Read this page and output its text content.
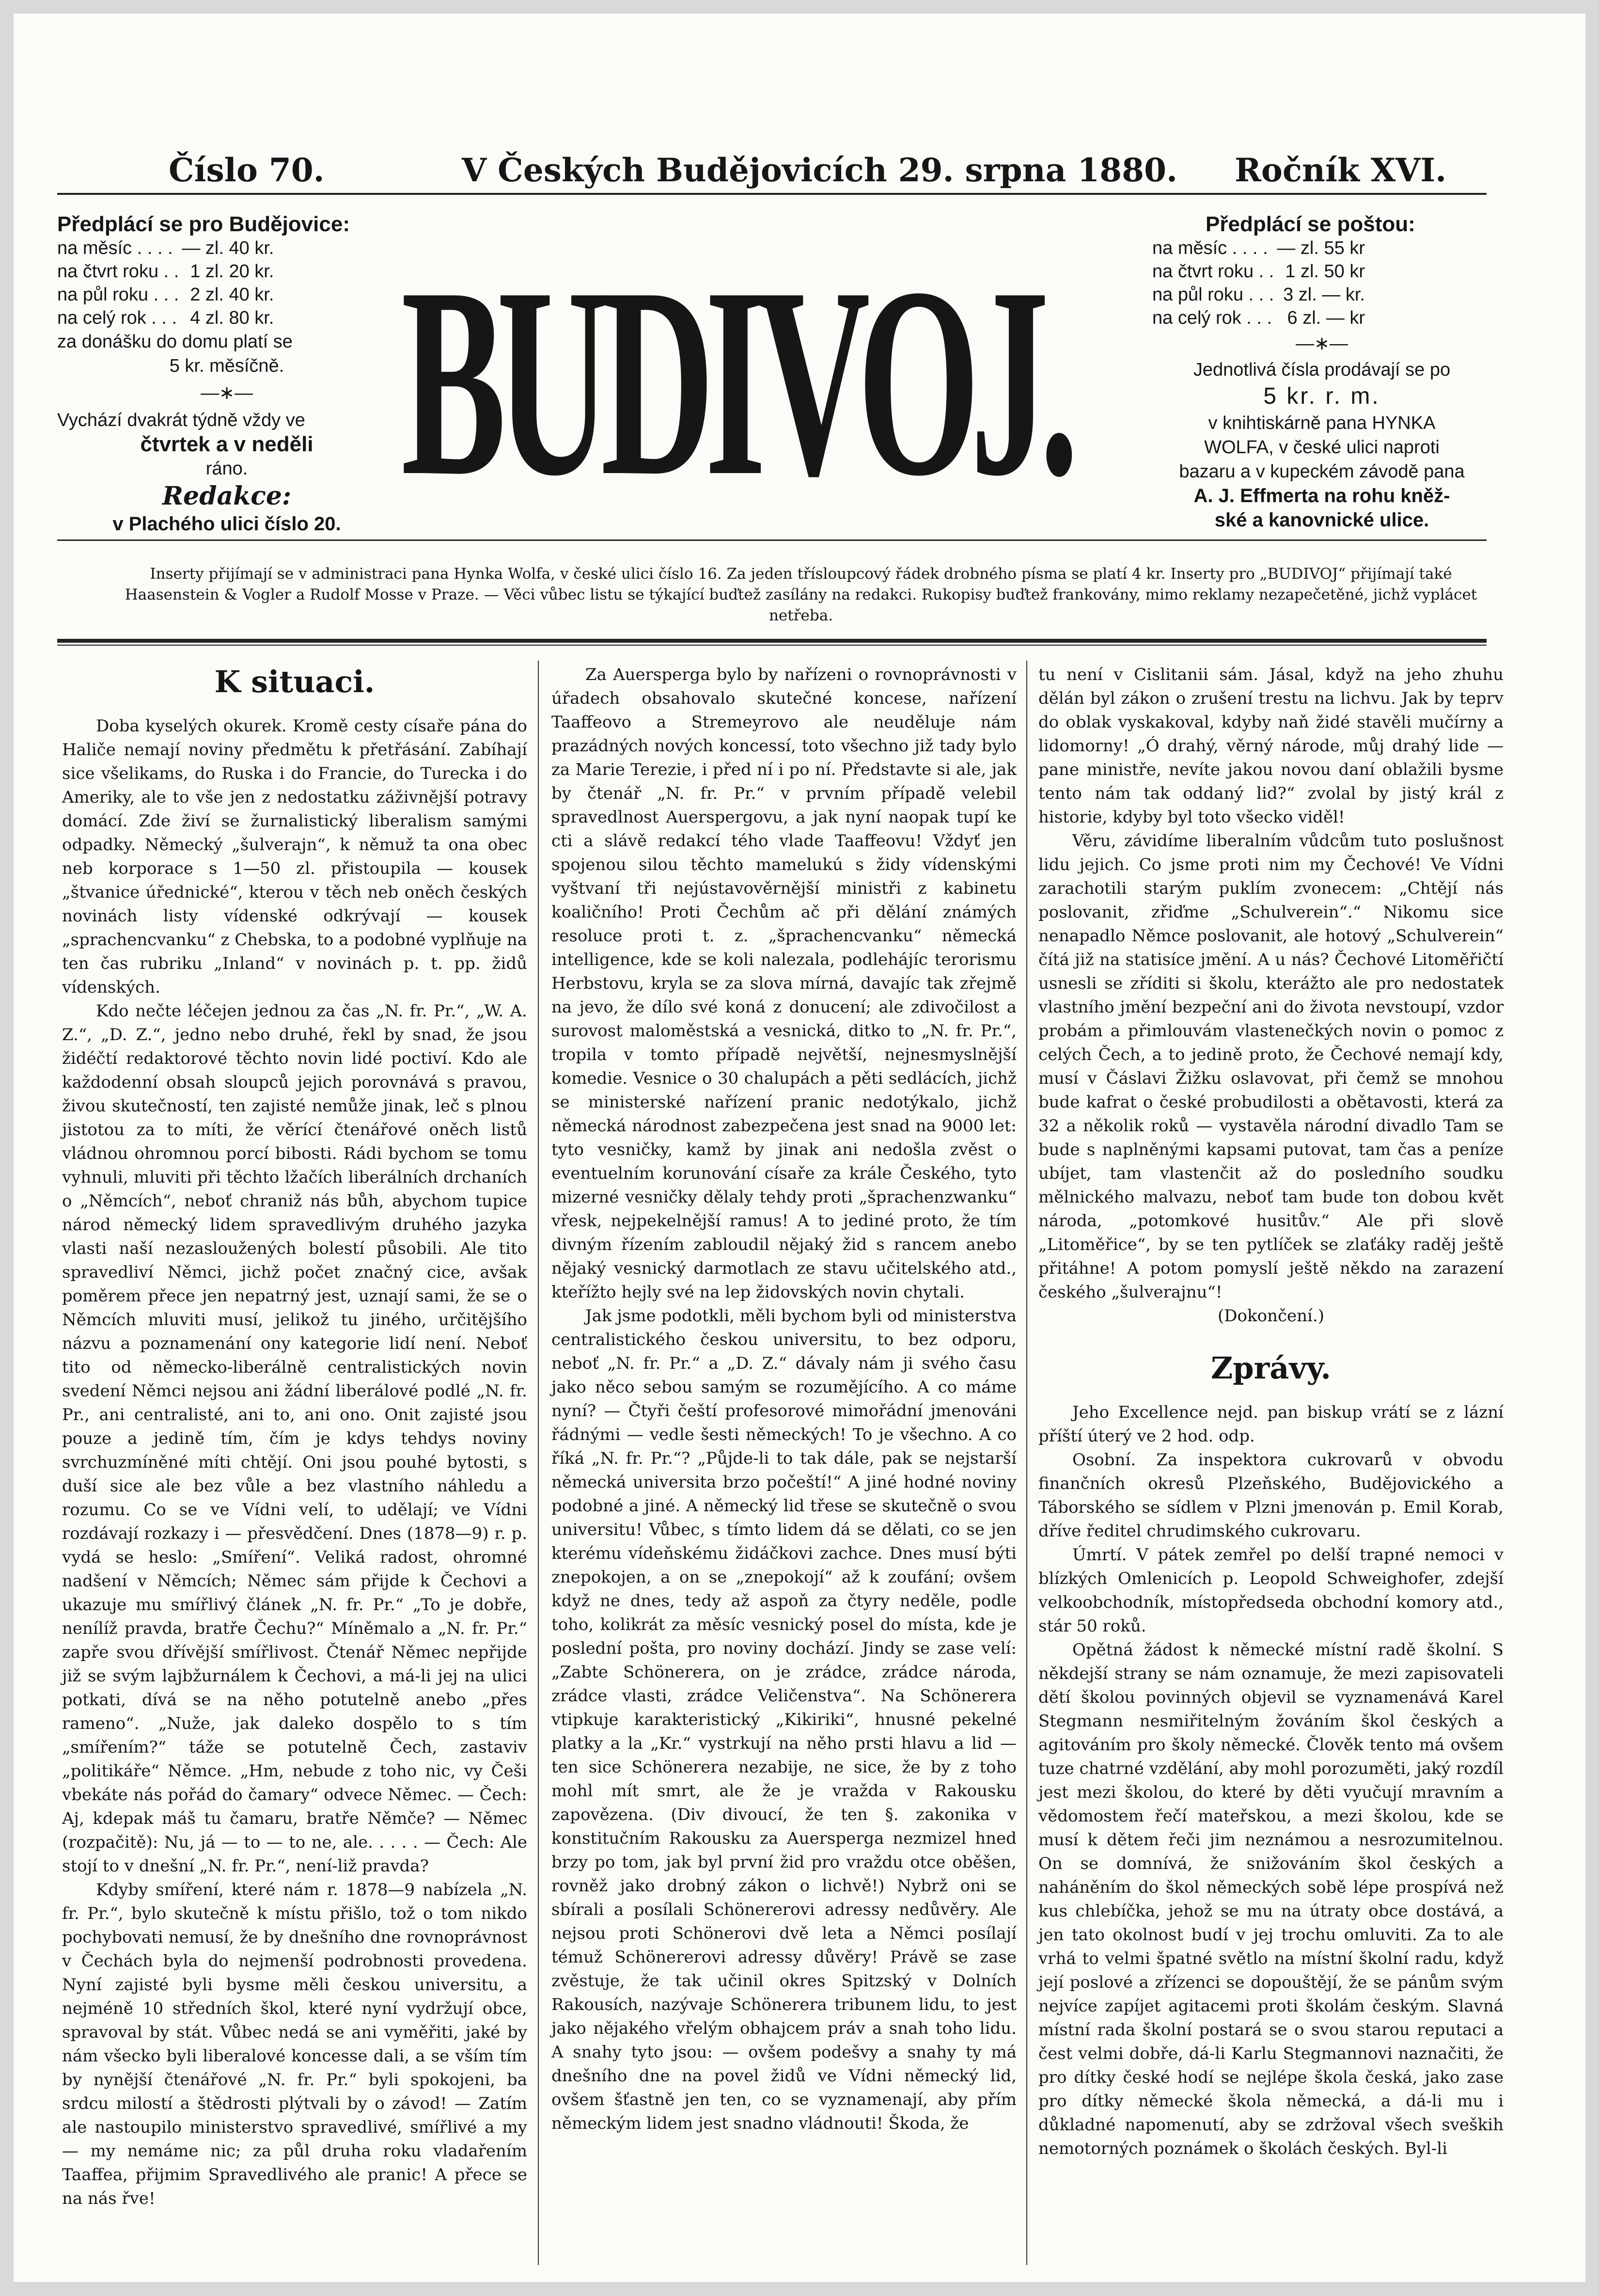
Číslo 70.	V Českých Budějovicích 29. srpna 1880. Ročník XVI.
Předplácí se pro Budějovice:
na měsíc . . . .	— zl. 40 kr.
na čtvrt roku . .	1 zl. 20 kr.
na půl roku . . .	2 zl. 40 kr.
na celý rok . . .	4 zl. 80 kr.
za donášku do domu platí se
5 kr. měsíčně.
—∗—
Vychází dvakrát týdně vždy ve
čtvrtek a v neděli
ráno.
Redakce:
v Plachého ulici číslo 20. BUDIVOJ.
Předplácí se poštou:
na měsíc . . . .	— zl. 55 kr
na čtvrt roku . .	1 zl. 50 kr
na půl roku . . .	3 zl. — kr.
na celý rok . . .	6 zl. — kr
—∗—
Jednotlivá čísla prodávají se po
5 kr. r. m.
v knihtiskárně pana HYNKA
WOLFA, v české ulici naproti
bazaru a v kupeckém závodě pana
A. J. Effmerta na rohu kněž-
ské a kanovnické ulice.
Inserty přijímají se v administraci pana Hynka Wolfa, v české ulici číslo 16. Za jeden třísloupcový řádek drobného písma se platí 4 kr. Inserty pro „BUDIVOJ“ přijímají také Haasenstein & Vogler a Rudolf Mosse v Praze. — Věci vůbec listu se týkající buďtež zasílány na redakci. Rukopisy buďtež frankovány, mimo reklamy nezapečetěné, jichž vyplácet netřeba.
K situaci.

Doba kyselých okurek. Kromě cesty císaře pána do Haliče nemají noviny předmětu k přetřásání. Zabíhají sice všelikams, do Ruska i do Francie, do Turecka i do Ameriky, ale to vše jen z nedostatku záživnější potravy domácí. Zde živí se žurnalistický liberalism samými odpadky. Německý „šulverajn“, k němuž ta ona obec neb korporace s 1—50 zl. přistoupila — kousek „štvanice úřednické“, kterou v těch neb oněch českých novinách listy vídenské odkrývají — kousek „sprachencvanku“ z Chebska, to a podobné vyplňuje na ten čas rubriku „Inland“ v novinách p. t. pp. židů vídenských.

Kdo nečte léčejen jednou za čas „N. fr. Pr.“, „W. A. Z.“, „D. Z.“, jedno nebo druhé, řekl by snad, že jsou židéčtí redaktorové těchto novin lidé poctiví. Kdo ale každodenní obsah sloupců jejich porovnává s pravou, živou skutečností, ten zajisté nemůže jinak, leč s plnou jistotou za to míti, že věrící čtenářové oněch listů vládnou ohromnou porcí bibosti. Rádi bychom se tomu vyhnuli, mluviti při těchto lžačích liberálních drchaních o „Němcích“, neboť chraniž nás bůh, abychom tupice národ německý lidem spravedlivým druhého jazyka vlasti naší nezasloužených bolestí působili. Ale tito spravedliví Němci, jichž počet značný cice, avšak poměrem přece jen nepatrný jest, uznají sami, že se o Němcích mluviti musí, jelikož tu jiného, určitějšího názvu a poznamenání ony kategorie lidí není. Neboť tito od německo-liberálně centralistických novin svedení Němci nejsou ani žádní liberálové podlé „N. fr. Pr., ani centralisté, ani to, ani ono. Onit zajisté jsou pouze a jedině tím, čím je kdys tehdys noviny svrchuzmíněné míti chtějí. Oni jsou pouhé bytosti, s duší sice ale bez vůle a bez vlastního náhledu a rozumu. Co se ve Vídni velí, to udělají; ve Vídni rozdávají rozkazy i — přesvědčení. Dnes (1878—9) r. p. vydá se heslo: „Smíření“. Veliká radost, ohromné nadšení v Němcích; Němec sám přijde k Čechovi a ukazuje mu smířlivý článek „N. fr. Pr.“ „To je dobře, nenílíž pravda, bratře Čechu?“ Míněmalo a „N. fr. Pr.“ zapře svou dřívější smířlivost. Čtenář Němec nepřijde již se svým lajbžurnálem k Čechovi, a má-li jej na ulici potkati, dívá se na něho potutelně anebo „přes rameno“. „Nuže, jak daleko dospělo to s tím „smířením?“ táže se potutelně Čech, zastaviv „politikáře“ Němce. „Hm, nebude z toho nic, vy Češi vbekáte nás pořád do čamary“ odvece Němec. — Čech: Aj, kdepak máš tu čamaru, bratře Němče? — Němec (rozpačitě): Nu, já — to — to ne, ale. . . . . — Čech: Ale stojí to v dnešní „N. fr. Pr.“, není-liž pravda?

Kdyby smíření, které nám r. 1878—9 nabízela „N. fr. Pr.“, bylo skutečně k místu přišlo, tož o tom nikdo pochybovati nemusí, že by dnešního dne rovnoprávnost v Čechách byla do nejmenší podrobnosti provedena. Nyní zajisté byli bysme měli českou universitu, a nejméně 10 středních škol, které nyní vydržují obce, spravoval by stát. Vůbec nedá se ani vyměřiti, jaké by nám všecko byli liberalové koncesse dali, a se vším tím by nynější čtenářové „N. fr. Pr.“ byli spokojeni, ba srdcu milostí a štědrosti plýtvali by o závod! — Zatím ale nastoupilo ministerstvo spravedlivé, smířlivé a my — my nemáme nic; za půl druha roku vladařením Taaffea, přijmim Spravedlivého ale pranic! A přece se na nás řve!

Za Auersperga bylo by nařízeni o rovnoprávnosti v úřadech obsahovalo skutečné koncese, nařízení Taaffeovo a Stremeyrovo ale neuděluje nám prazádných nových koncessí, toto všechno již tady bylo za Marie Terezie, i před ní i po ní. Představte si ale, jak by čtenář „N. fr. Pr.“ v prvním případě velebil spravedlnost Auerspergovu, a jak nyní naopak tupí ke cti a slávě redakcí tého vlade Taaffeovu! Vždyť jen spojenou silou těchto mamelukú s židy vídenskými vyštvaní tři nejústavověrnější ministři z kabinetu koaličního! Proti Čechům ač při dělání známých resoluce proti t. z. „šprachencvanku“ německá intelligence, kde se koli nalezala, podlehájíc terorismu Herbstovu, kryla se za slova mírná, davajíc tak zřejmě na jevo, že dílo své koná z donucení; ale zdivočilost a surovost maloměstská a vesnická, ditko to „N. fr. Pr.“, tropila v tomto případě největší, nejnesmyslnější komedie. Vesnice o 30 chalupách a pěti sedlácích, jichž se ministerské nařízení pranic nedotýkalo, jichž německá národnost zabezpečena jest snad na 9000 let: tyto vesničky, kamž by jinak ani nedošla zvěst o eventuelním korunování císaře za krále Českého, tyto mizerné vesničky dělaly tehdy proti „šprachenzwanku“ vřesk, nejpekelnější ramus! A to jediné proto, že tím divným řízením zabloudil nějaký žid s rancem anebo nějaký vesnický darmotlach ze stavu učitelského atd., kteřížto hejly své na lep židovských novin chytali.

Jak jsme podotkli, měli bychom byli od ministerstva centralistického českou universitu, to bez odporu, neboť „N. fr. Pr.“ a „D. Z.“ dávaly nám ji svého času jako něco sebou samým se rozumějícího. A co máme nyní? — Čtyři čeští profesorové mimořádní jmenováni řádnými — vedle šesti německých! To je všechno. A co říká „N. fr. Pr.“? „Půjde-li to tak dále, pak se nejstarší německá universita brzo počeští!“ A jiné hodné noviny podobné a jiné. A německý lid třese se skutečně o svou universitu! Vůbec, s tímto lidem dá se dělati, co se jen kterému vídeňskému židáčkovi zachce. Dnes musí býti znepokojen, a on se „znepokojí“ až k zoufání; ovšem když ne dnes, tedy až aspoň za čtyry neděle, podle toho, kolikrát za měsíc vesnický posel do místa, kde je poslední pošta, pro noviny dochází. Jindy se zase velí: „Zabte Schönerera, on je zrádce, zrádce národa, zrádce vlasti, zrádce Veličenstva“. Na Schönerera vtipkuje karakteristický „Kikiriki“, hnusné pekelné platky a la „Kr.“ vystrkují na něho prsti hlavu a lid — ten sice Schönerera nezabije, ne sice, že by z toho mohl mít smrt, ale že je vražda v Rakousku zapovězena. (Div divoucí, že ten §. zakonika v konstitučním Rakousku za Auersperga nezmizel hned brzy po tom, jak byl první žid pro vraždu otce oběšen, rovněž jako drobný zákon o lichvě!) Nybrž oni se sbírali a posílali Schönererovi adressy nedůvěry. Ale nejsou proti Schönerovi dvě leta a Němci posílají témuž Schönererovi adressy důvěry! Právě se zase zvěstuje, že tak učinil okres Spitzský v Dolních Rakousích, nazývaje Schönerera tribunem lidu, to jest jako nějakého vřelým obhajcem práv a snah toho lidu. A snahy tyto jsou: — ovšem podešvy a snahy ty má dnešního dne na povel židů ve Vídni německý lid, ovšem šťastně jen ten, co se vyznamenají, aby přím německým lidem jest snadno vládnouti! Škoda, že

tu není v Cislitanii sám. Jásal, když na jeho zhuhu dělán byl zákon o zrušení trestu na lichvu. Jak by teprv do oblak vyskakoval, kdyby naň židé stavěli mučírny a lidomorny! „Ó drahý, věrný národe, můj drahý lide — pane ministře, nevíte jakou novou daní oblažili bysme tento nám tak oddaný lid?“ zvolal by jistý král z historie, kdyby byl toto všecko viděl!

Věru, závidíme liberalním vůdcům tuto poslušnost lidu jejich. Co jsme proti nim my Čechové! Ve Vídni zarachotili starým puklím zvonecem: „Chtějí nás poslovanit, zřiďme „Schulverein“.“ Nikomu sice nenapadlo Němce poslovanit, ale hotový „Schulverein“ čítá již na statisíce jmění. A u nás? Čechové Litoměřičtí usnesli se zříditi si školu, kterážto ale pro nedostatek vlastního jmění bezpeční ani do života nevstoupí, vzdor probám a přimlouvám vlastenečkých novin o pomoc z celých Čech, a to jedině proto, že Čechové nemají kdy, musí v Čáslavi Žižku oslavovat, při čemž se mnohou bude kafrat o české probudilosti a obětavosti, která za 32 a několik roků — vystavěla národní divadlo Tam se bude s naplněnými kapsami putovat, tam čas a peníze ubíjet, tam vlastenčit až do posledního soudku mělnického malvazu, neboť tam bude ton dobou květ národa, „potomkové husitův.“ Ale při slově „Litoměřice“, by se ten pytlíček se zlaťáky raděj ještě přitáhne! A potom pomyslí ještě někdo na zarazení českého „šulverajnu“!

(Dokončení.)

Zprávy.

Jeho Excellence nejd. pan biskup vrátí se z lázní příští úterý ve 2 hod. odp.

Osobní. Za inspektora cukrovarů v obvodu finančních okresů Plzeňského, Budějovického a Táborského se sídlem v Plzni jmenován p. Emil Korab, dříve ředitel chrudimského cukrovaru.

Úmrtí. V pátek zemřel po delší trapné nemoci v blízkých Omlenicích p. Leopold Schweighofer, zdejší velkoobchodník, místopředseda obchodní komory atd., stár 50 roků.

Opětná žádost k německé místní radě školní. S někdejší strany se nám oznamuje, že mezi zapisovateli dětí školou povinných objevil se vyznamenává Karel Stegmann nesmiřitelným žováním škol českých a agitováním pro školy německé. Člověk tento má ovšem tuze chatrné vzdělání, aby mohl porozuměti, jaký rozdíl jest mezi školou, do které by děti vyučují mravním a vědomostem řečí mateřskou, a mezi školou, kde se musí k dětem řeči jim neznámou a nesrozumitelnou. On se domnívá, že snižováním škol českých a naháněním do škol německých sobě lépe prospívá než kus chlebíčka, jehož se mu na útraty obce dostává, a jen tato okolnost budí v jej trochu omluviti. Za to ale vrhá to velmi špatné světlo na místní školní radu, když její poslové a zřízenci se dopouštějí, že se pánům svým nejvíce zapíjet agitacemi proti školám českým. Slavná místní rada školní postará se o svou starou reputaci a čest velmi dobře, dá-li Karlu Stegmannovi naznačiti, že pro dítky české hodí se nejlépe škola česká, jako zase pro dítky německé škola německá, a dá-li mu i důkladné napomenutí, aby se zdržoval všech sveških nemotorných poznámek o školách českých. Byl-li
